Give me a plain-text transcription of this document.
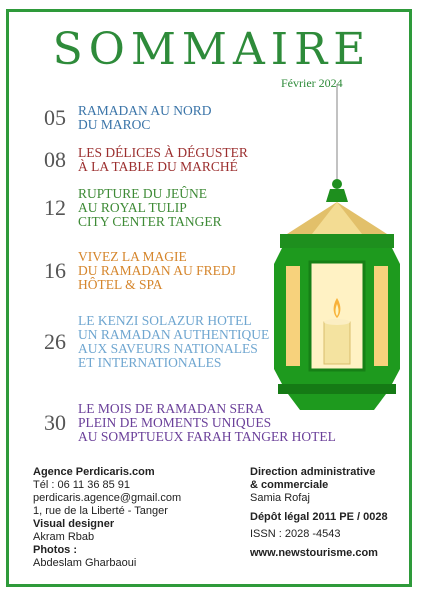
SOMMAIRE
Février 2024
05 RAMADAN AU NORD
DU MAROC
08 LES DÉLICES À DÉGUSTER
À LA TABLE DU MARCHÉ
12
RUPTURE DU JEÛNE
AU ROYAL TULIP
CITY CENTER TANGER
16
VIVEZ LA MAGIE
DU RAMADAN AU FREDJ
HÔTEL & SPA
26
LE KENZI SOLAZUR HOTEL
UN RAMADAN AUTHENTIQUE
AUX SAVEURS NATIONALES
ET INTERNATIONALES
30
LE MOIS DE RAMADAN SERA
PLEIN DE MOMENTS UNIQUES
AU SOMPTUEUX FARAH TANGER HOTEL
Agence Perdicaris.com
Tél : 06 11 36 85 91
perdicaris.agence@gmail.com
1, rue de la Liberté - Tanger
Visual designer
Akram Rbab
Photos :
Abdeslam Gharbaoui
Direction administrative
& commerciale
Samia Rofaj
Dépôt légal 2011 PE / 0028
ISSN : 2028 -4543
www.newstourisme.com
